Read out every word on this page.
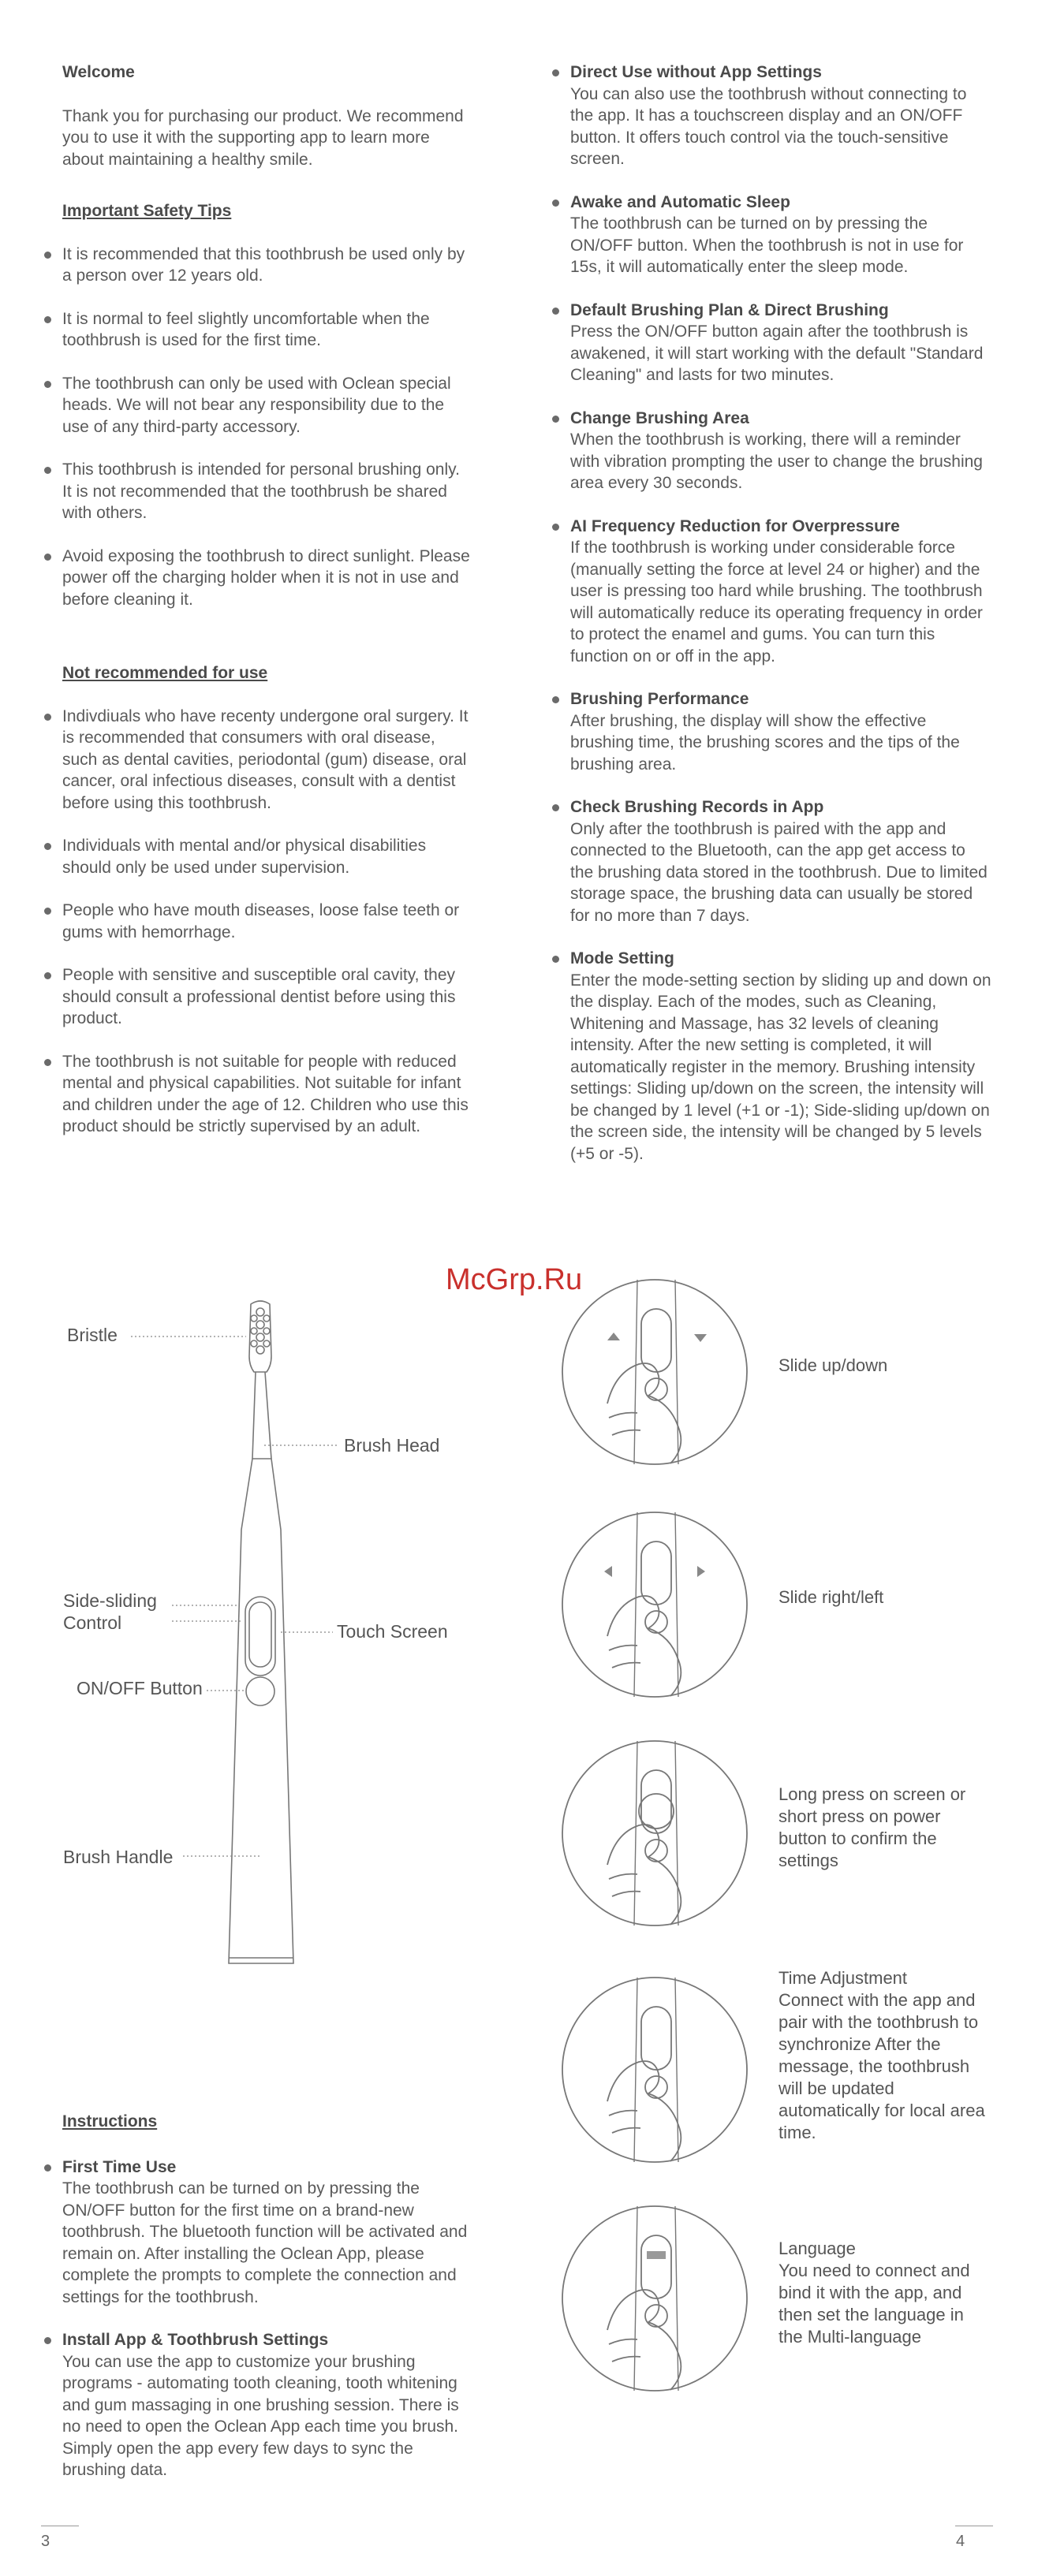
Welcome

Thank you for purchasing our product. We recommend you to use it with the supporting app to learn more about maintaining a healthy smile.

Important Safety Tips

It is recommended that this toothbrush be used only by a person over 12 years old.

It is normal to feel slightly uncomfortable when the toothbrush is used for the first time.

The toothbrush can only be used with Oclean special heads. We will not bear any responsibility due to the use of any third-party accessory.

This toothbrush is intended for personal brushing only. It is not recommended that the toothbrush be shared with others.

Avoid exposing the toothbrush to direct sunlight. Please power off the charging holder when it is not in use and before cleaning it.

Not recommended for use

Indivdiuals who have recenty undergone oral surgery. It is recommended that consumers with oral disease, such as dental cavities, periodontal (gum) disease, oral cancer, oral infectious diseases, consult with a dentist before using this toothbrush.

Individuals with mental and/or physical disabilities should only be used under supervision.

People who have mouth diseases, loose false teeth or gums with hemorrhage.

People with sensitive and susceptible oral cavity, they should consult a professional dentist before using this product.

The toothbrush is not suitable for people with reduced mental and physical capabilities. Not suitable for infant and children under the age of 12. Children who use this product should be strictly supervised by an adult.

Direct Use without App Settings

You can also use the toothbrush without connecting to the app. It has a touchscreen display and an ON/OFF button. It offers touch control via the touch-sensitive screen.

Awake and Automatic Sleep

The toothbrush can be turned on by pressing the ON/OFF button. When the toothbrush is not in use for 15s, it will automatically enter the sleep mode.

Default Brushing Plan & Direct Brushing

Press the ON/OFF button again after the toothbrush is awakened, it will start working with the default "Standard Cleaning" and lasts for two minutes.

Change Brushing Area

When the toothbrush is working, there will a reminder with vibration prompting the user to change the brushing area every 30 seconds.

AI Frequency Reduction for Overpressure

If the toothbrush is working under considerable force (manually setting the force at level 24 or higher) and the user is pressing too hard while brushing. The toothbrush will automatically reduce its operating frequency in order to protect the enamel and gums. You can turn this function on or off in the app.

Brushing Performance

After brushing, the display will show the effective brushing time, the brushing scores and the tips of the brushing area.

Check Brushing Records in App

Only after the toothbrush is paired with the app and connected to the Bluetooth, can the app get access to the brushing data stored in the toothbrush. Due to limited storage space, the brushing data can usually be stored for no more than 7 days.

Mode Setting

Enter the mode-setting section by sliding up and down on the display. Each of the modes, such as Cleaning, Whitening and Massage, has 32 levels of cleaning intensity. After the new setting is completed, it will automatically register in the memory. Brushing intensity settings: Sliding up/down on the screen, the intensity will be changed by 1 level (+1 or -1); Side-sliding up/down on the screen side, the intensity will be changed by 5 levels (+5 or -5).

McGrp.Ru
Bristle
Brush Head
Side-sliding
Control	Touch Screen
ON/OFF Button
Brush Handle

Instructions

First Time Use

The toothbrush can be turned on by pressing the ON/OFF button for the first time on a brand-new toothbrush. The bluetooth function will be activated and remain on. After installing the Oclean App, please complete the prompts to complete the connection and settings for the toothbrush.

Install App & Toothbrush Settings

You can use the app to customize your brushing programs - automating tooth cleaning, tooth whitening and gum massaging in one brushing session. There is no need to open the Oclean App each time you brush. Simply open the app every few days to sync the brushing data.

Slide up/down
Slide right/left
Long press on screen or short press on power button to confirm the settings
Time Adjustment
Connect with the app and pair with the toothbrush to synchronize After the message, the toothbrush will be updated automatically for local area time.
Language
You need to connect and bind it with the app, and then set the language in the Multi-language
3	4
